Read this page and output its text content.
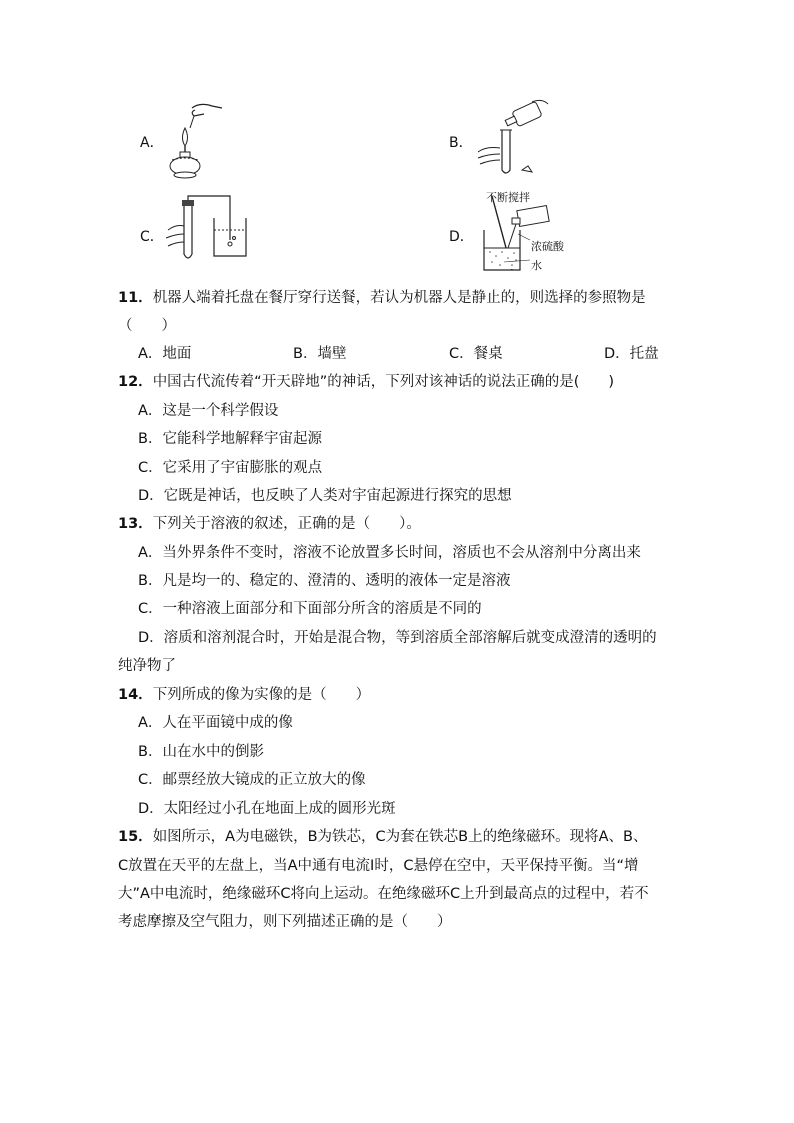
A．	B．
C．	D．
不断搅拌
浓硫酸
水
11．机器人端着托盘在餐厅穿行送餐，若认为机器人是静止的，则选择的参照物是
（　　）
A．地面	B．墙壁	C．餐桌	D．托盘
12．中国古代流传着“开天辟地”的神话，下列对该神话的说法正确的是(　　)
A．这是一个科学假设
B．它能科学地解释宇宙起源
C．它采用了宇宙膨胀的观点
D．它既是神话，也反映了人类对宇宙起源进行探究的思想
13．下列关于溶液的叙述，正确的是（　　）。
A．当外界条件不变时，溶液不论放置多长时间，溶质也不会从溶剂中分离出来
B．凡是均一的、稳定的、澄清的、透明的液体一定是溶液
C．一种溶液上面部分和下面部分所含的溶质是不同的
D．溶质和溶剂混合时，开始是混合物，等到溶质全部溶解后就变成澄清的透明的
纯净物了
14．下列所成的像为实像的是（　　）
A．人在平面镜中成的像
B．山在水中的倒影
C．邮票经放大镜成的正立放大的像
D．太阳经过小孔在地面上成的圆形光斑
15．如图所示，A为电磁铁，B为铁芯，C为套在铁芯B上的绝缘磁环。现将A、B、
C放置在天平的左盘上，当A中通有电流I时，C悬停在空中，天平保持平衡。当“增
大”A中电流时，绝缘磁环C将向上运动。在绝缘磁环C上升到最高点的过程中，若不
考虑摩擦及空气阻力，则下列描述正确的是（　　）
